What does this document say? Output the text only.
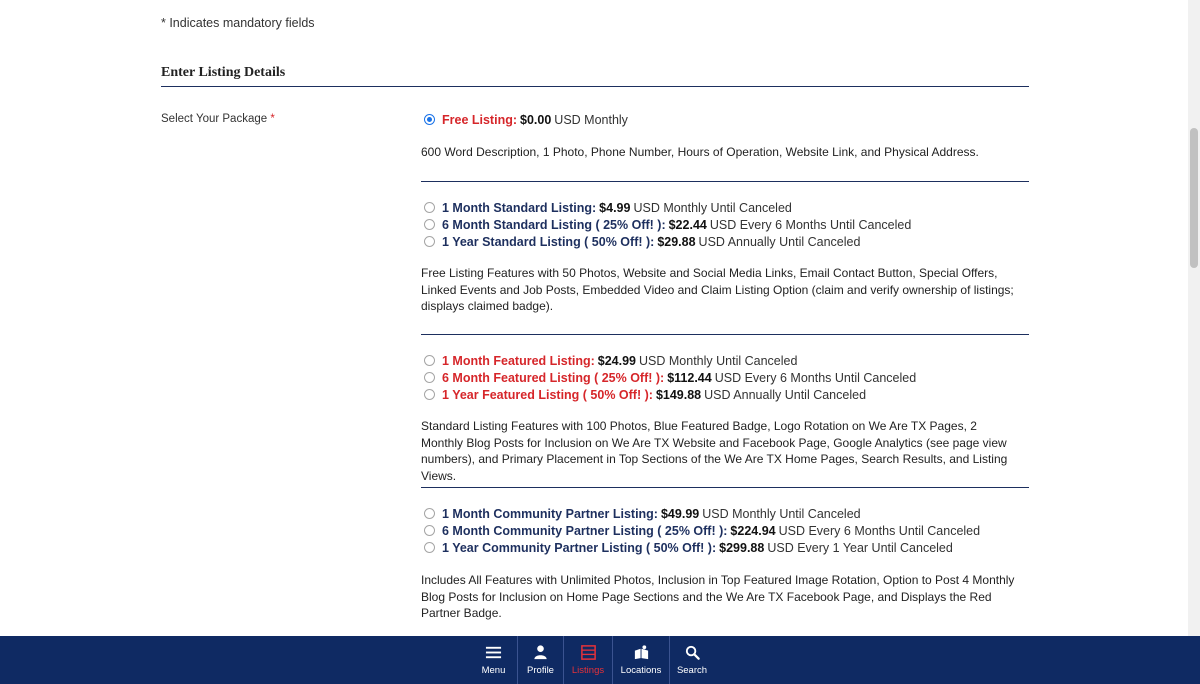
* Indicates mandatory fields
Enter Listing Details
Select Your Package *	Free Listing: $0.00 USD Monthly
600 Word Description, 1 Photo, Phone Number, Hours of Operation, Website Link, and Physical Address.
1 Month Standard Listing: $4.99 USD Monthly Until Canceled
6 Month Standard Listing ( 25% Off! ): $22.44 USD Every 6 Months Until Canceled
1 Year Standard Listing ( 50% Off! ): $29.88 USD Annually Until Canceled
Free Listing Features with 50 Photos, Website and Social Media Links, Email Contact Button, Special Offers, Linked Events and Job Posts, Embedded Video and Claim Listing Option (claim and verify ownership of listings; displays claimed badge).
1 Month Featured Listing: $24.99 USD Monthly Until Canceled
6 Month Featured Listing ( 25% Off! ): $112.44 USD Every 6 Months Until Canceled
1 Year Featured Listing ( 50% Off! ): $149.88 USD Annually Until Canceled
Standard Listing Features with 100 Photos, Blue Featured Badge, Logo Rotation on We Are TX Pages, 2 Monthly Blog Posts for Inclusion on We Are TX Website and Facebook Page, Google Analytics (see page view numbers), and Primary Placement in Top Sections of the We Are TX Home Pages, Search Results, and Listing Views.
1 Month Community Partner Listing: $49.99 USD Monthly Until Canceled
6 Month Community Partner Listing ( 25% Off! ): $224.94 USD Every 6 Months Until Canceled
1 Year Community Partner Listing ( 50% Off! ): $299.88 USD Every 1 Year Until Canceled
Includes All Features with Unlimited Photos, Inclusion in Top Featured Image Rotation, Option to Post 4 Monthly Blog Posts for Inclusion on Home Page Sections and the We Are TX Facebook Page, and Displays the Red Partner Badge.
Menu Profile Listings Locations Search
